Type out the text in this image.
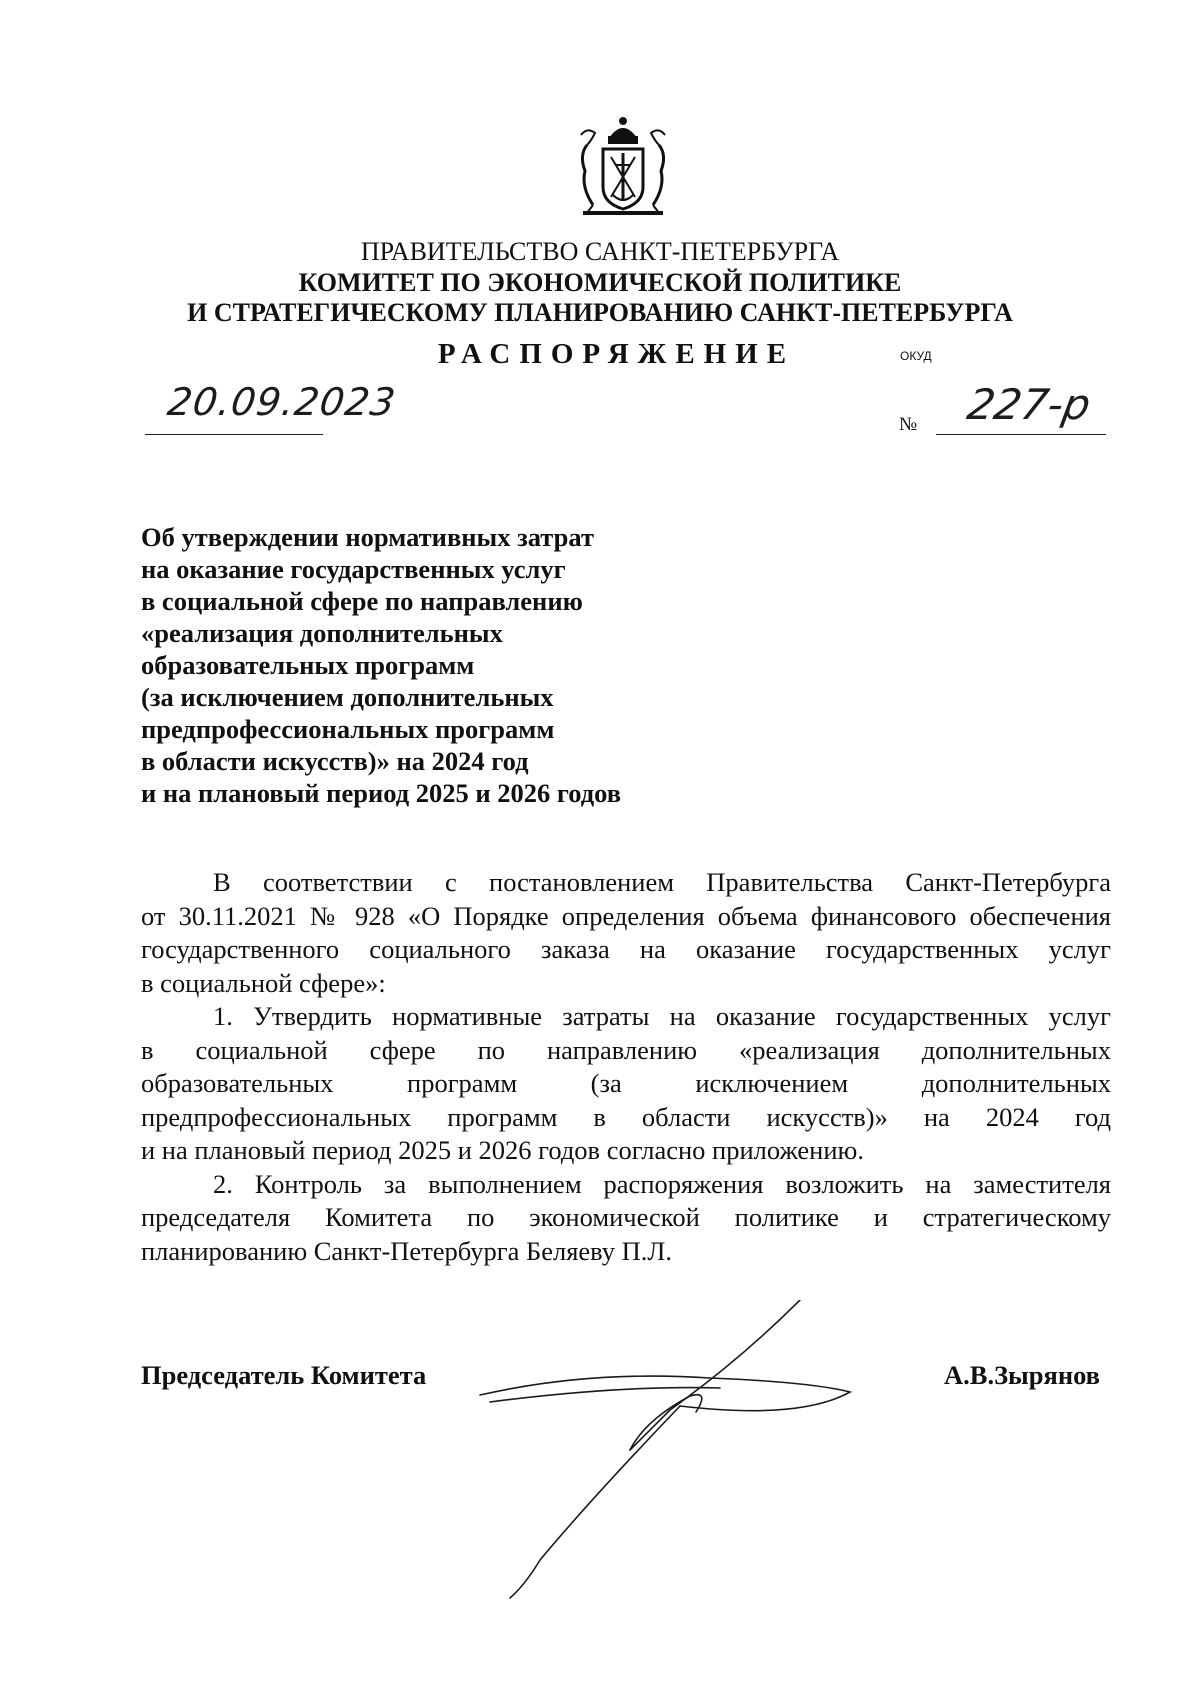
ПРАВИТЕЛЬСТВО САНКТ-ПЕТЕРБУРГА
КОМИТЕТ ПО ЭКОНОМИЧЕСКОЙ ПОЛИТИКЕ
И СТРАТЕГИЧЕСКОМУ ПЛАНИРОВАНИЮ САНКТ-ПЕТЕРБУРГА
РАСПОРЯЖЕНИЕ	ОКУД
20.09.2023
№ 227-р
Об утверждении нормативных затрат
на оказание государственных услуг
в социальной сфере по направлению
«реализация дополнительных
образовательных программ
(за исключением дополнительных
предпрофессиональных программ
в области искусств)» на 2024 год
и на плановый период 2025 и 2026 годов
В соответствии с постановлением Правительства Санкт-Петербурга
от 30.11.2021 № 928 «О Порядке определения объема финансового обеспечения
государственного социального заказа на оказание государственных услуг
в социальной сфере»:
1. Утвердить нормативные затраты на оказание государственных услуг
в социальной сфере по направлению «реализация дополнительных
образовательных программ (за исключением дополнительных
предпрофессиональных программ в области искусств)» на 2024 год
и на плановый период 2025 и 2026 годов согласно приложению.
2. Контроль за выполнением распоряжения возложить на заместителя
председателя Комитета по экономической политике и стратегическому
планированию Санкт-Петербурга Беляеву П.Л.
Председатель Комитета	А.В.Зырянов
